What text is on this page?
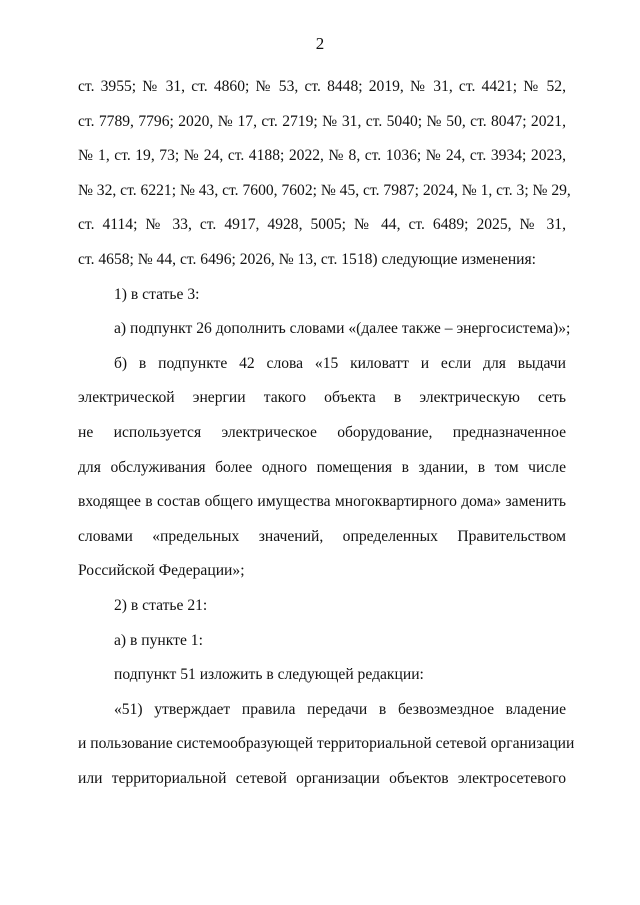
2
ст. 3955; № 31, ст. 4860; № 53, ст. 8448; 2019, № 31, ст. 4421; № 52,
ст. 7789, 7796; 2020, № 17, ст. 2719; № 31, ст. 5040; № 50, ст. 8047; 2021,
№ 1, ст. 19, 73; № 24, ст. 4188; 2022, № 8, ст. 1036; № 24, ст. 3934; 2023,
№ 32, ст. 6221; № 43, ст. 7600, 7602; № 45, ст. 7987; 2024, № 1, ст. 3; № 29,
ст. 4114; № 33, ст. 4917, 4928, 5005; № 44, ст. 6489; 2025, № 31,
ст. 4658; № 44, ст. 6496; 2026, № 13, ст. 1518) следующие изменения:
1) в статье 3:
а) подпункт 26 дополнить словами «(далее также – энергосистема)»;
б) в подпункте 42 слова «15 киловатт и если для выдачи
электрической энергии такого объекта в электрическую сеть
не используется электрическое оборудование, предназначенное
для обслуживания более одного помещения в здании, в том числе
входящее в состав общего имущества многоквартирного дома» заменить
словами «предельных значений, определенных Правительством
Российской Федерации»;
2) в статье 21:
а) в пункте 1:
подпункт 51 изложить в следующей редакции:
«51) утверждает правила передачи в безвозмездное владение
и пользование системообразующей территориальной сетевой организации
или территориальной сетевой организации объектов электросетевого
